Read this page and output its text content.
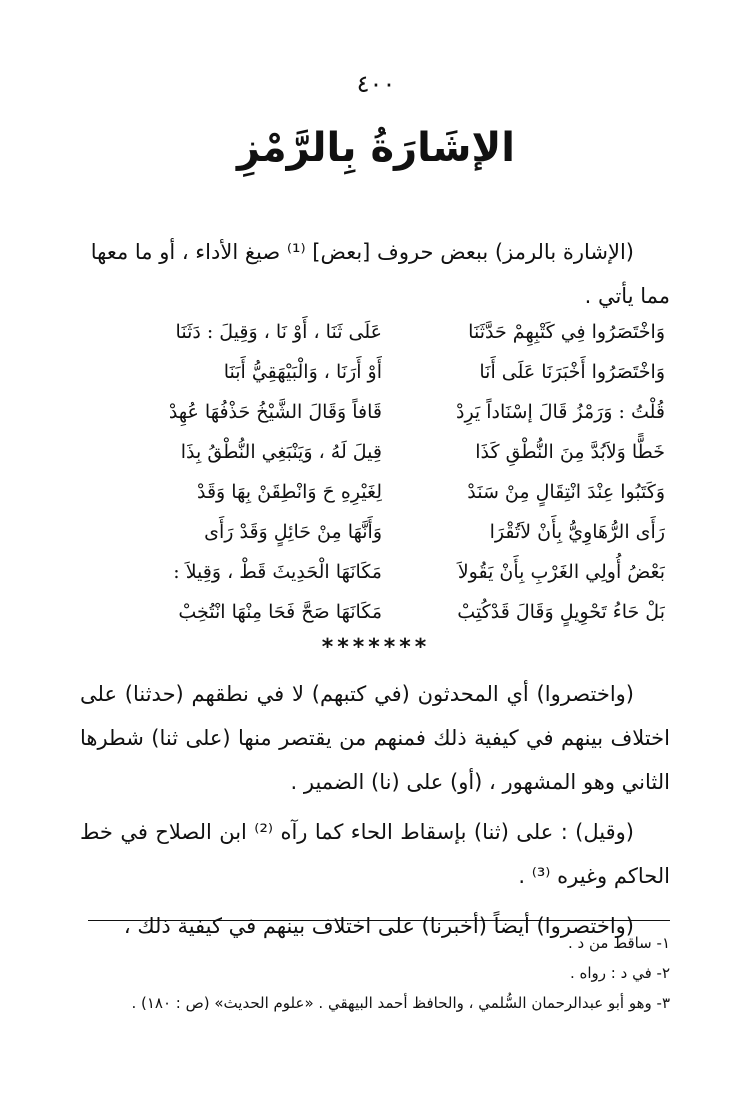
٤٠٠
الإشَارَةُ بِالرَّمْزِ
(الإشارة بالرمز) ببعض حروف [بعض] ⁽¹⁾ صيغ الأداء ، أو ما معها
مما يأتي .
وَاخْتَصَرُوا فِي كَتْبِهِمْ حَدَّثَنَا
عَلَى ثَنَا ، أَوْ نَا ، وَقِيلَ : دَثَنَا
وَاخْتَصَرُوا أَخْبَرَنَا عَلَى أَنَا
أَوْ أَرَنَا ، وَالْبَيْهَقِيُّ أَبَنَا
قُلْتُ : وَرَمْزُ قَالَ إسْنَاداً يَرِدْ
قَافاً وَقَالَ الشَّيْخُ حَذْفُهَا عُهِدْ
خَطًّا وَلاَبُدَّ مِنَ النُّطْقِ كَذَا
قِيلَ لَهُ ، وَيَنْبَغِي النُّطْقُ بِذَا
وَكَتَبُوا عِنْدَ انْتِقَالٍ مِنْ سَنَدْ
لِغَيْرِهِ حَ وَانْطِقَنْ بِهَا وَقَدْ
رَأَى الرُّهَاوِيُّ بِأَنْ لاَتُقْرَا
وَأَنَّهَا مِنْ حَائِلٍ وَقَدْ رَأَى
بَعْضُ أُولِي الغَرْبِ بِأَنْ يَقُولاَ
مَكَانَهَا الْحَدِيثَ قَطْ ، وَقِيلاَ :
بَلْ حَاءُ تَحْوِيلٍ وَقَالَ قَدْكُتِبْ
مَكَانَهَا صَحَّ فَحَا مِنْهَا انْتُخِبْ
*******

(واختصروا) أي المحدثون (في كتبهم) لا في نطقهم (حدثنا) على اختلاف بينهم في كيفية ذلك فمنهم من يقتصر منها (على ثنا) شطرها الثاني وهو المشهور ، (أو) على (نا) الضمير .

(وقيل) : على (ثنا) بإسقاط الحاء كما رآه ⁽²⁾ ابن الصلاح في خط الحاكم وغيره ⁽³⁾ .

(واختصروا) أيضاً (أخبرنا) على اختلاف بينهم في كيفية ذلك ،

١- ساقط من د .
٢- في د : رواه .
٣- وهو أبو عبدالرحمان السُّلمي ، والحافظ أحمد البيهقي . «علوم الحديث» (ص : ١٨٠) .
